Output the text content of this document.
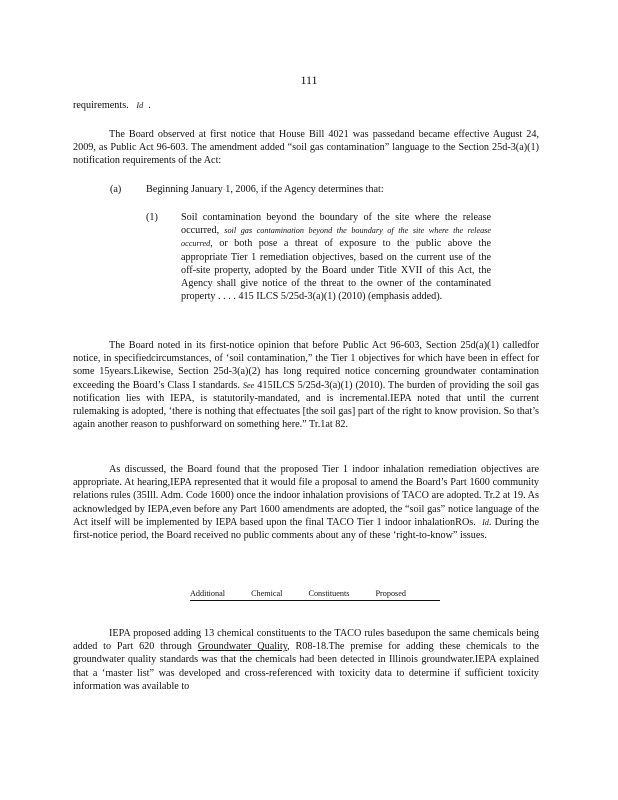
111

requirements. Id .

The Board observed at first notice that House Bill 4021 was passedand became effective August 24, 2009, as Public Act 96-603. The amendment added “soil gas contamination” language to the Section 25d-3(a)(1) notification requirements of the Act:

(a) Beginning January 1, 2006, if the Agency determines that:
(1) Soil contamination beyond the boundary of the site where the release occurred, soil gas contamination beyond the boundary of the site where the release occurred, or both pose a threat of exposure to the public above the appropriate Tier 1 remediation objectives, based on the current use of the off-site property, adopted by the Board under Title XVII of this Act, the Agency shall give notice of the threat to the owner of the contaminated property . . . . 415 ILCS 5/25d-3(a)(1) (2010) (emphasis added).

The Board noted in its first-notice opinion that before Public Act 96-603, Section 25d(a)(1) calledfor notice, in specifiedcircumstances, of ‘soil contamination,” the Tier 1 objectives for which have been in effect for some 15years.Likewise, Section 25d-3(a)(2) has long required notice concerning groundwater contamination exceeding the Board’s Class I standards. See 415ILCS 5/25d-3(a)(1) (2010). The burden of providing the soil gas notification lies with IEPA, is statutorily-mandated, and is incremental.IEPA noted that until the current rulemaking is adopted, ‘there is nothing that effectuates [the soil gas] part of the right to know provision. So that’s again another reason to pushforward on something here.” Tr.1at 82.

As discussed, the Board found that the proposed Tier 1 indoor inhalation remediation objectives are appropriate. At hearing,IEPA represented that it would file a proposal to amend the Board’s Part 1600 community relations rules (35Ill. Adm. Code 1600) once the indoor inhalation provisions of TACO are adopted. Tr.2 at 19. As acknowledged by IEPA,even before any Part 1600 amendments are adopted, the “soil gas” notice language of the Act itself will be implemented by IEPA based upon the final TACO Tier 1 indoor inhalationROs. Id. During the first-notice period, the Board received no public comments about any of these ‘right-to-know” issues.

Additional	Chemical	Constituents	Proposed

IEPA proposed adding 13 chemical constituents to the TACO rules basedupon the same chemicals being added to Part 620 through Groundwater Quality, R08-18.The premise for adding these chemicals to the groundwater quality standards was that the chemicals had been detected in Illinois groundwater.IEPA explained that a ‘master list” was developed and cross-referenced with toxicity data to determine if sufficient toxicity information was available to
